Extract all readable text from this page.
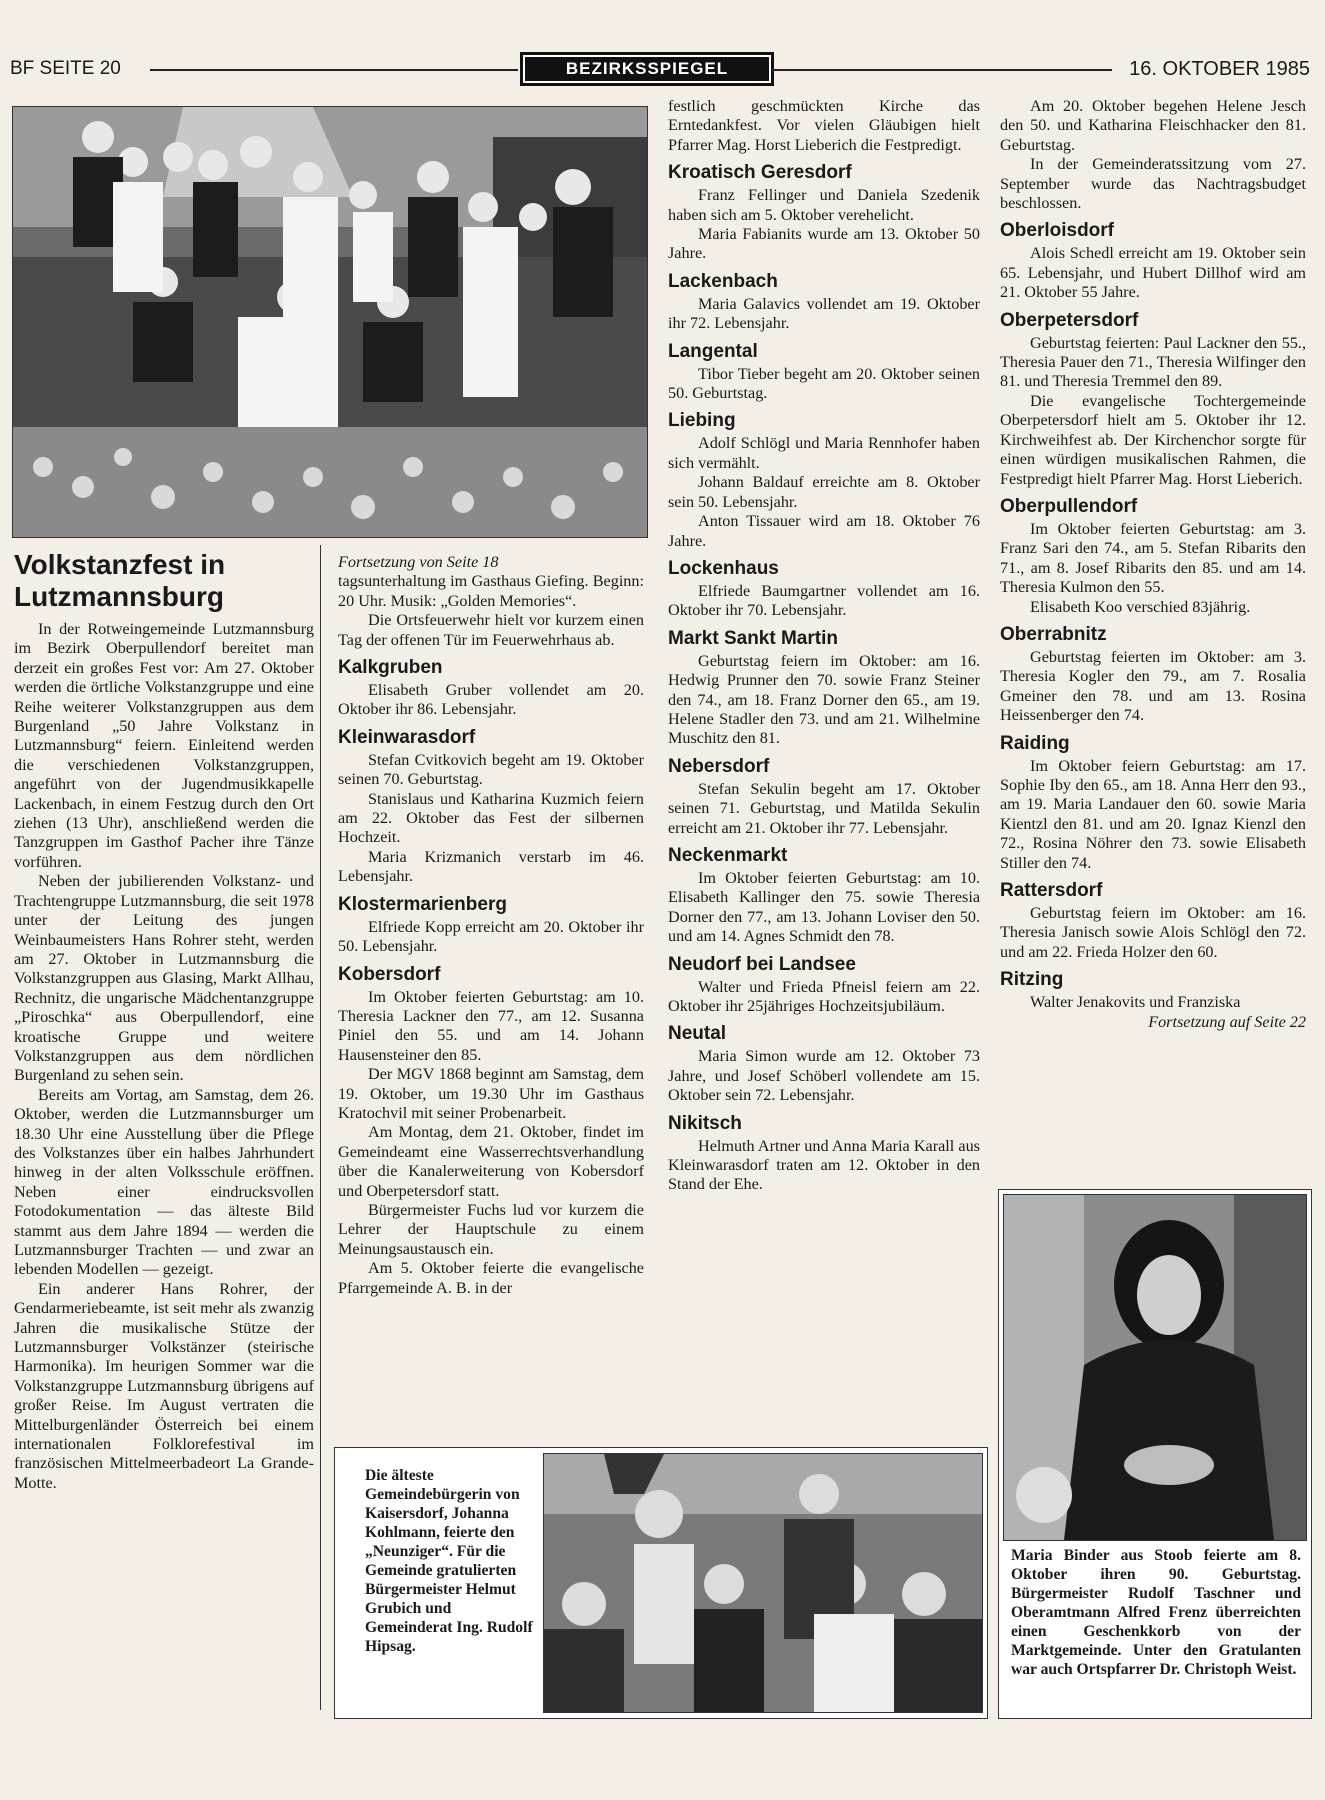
BF SEITE 20	BEZIRKSSPIEGEL	16. OKTOBER 1985
Volkstanzfest in Lutzmannsburg

In der Rotweingemeinde Lutzmannsburg im Bezirk Oberpullendorf bereitet man derzeit ein großes Fest vor: Am 27. Oktober werden die örtliche Volkstanzgruppe und eine Reihe weiterer Volkstanzgruppen aus dem Burgenland „50 Jahre Volkstanz in Lutzmannsburg“ feiern. Einleitend werden die verschiedenen Volkstanzgruppen, angeführt von der Jugendmusikkapelle Lackenbach, in einem Festzug durch den Ort ziehen (13 Uhr), anschließend werden die Tanzgruppen im Gasthof Pacher ihre Tänze vorführen.

Neben der jubilierenden Volkstanz- und Trachtengruppe Lutzmannsburg, die seit 1978 unter der Leitung des jungen Weinbaumeisters Hans Rohrer steht, werden am 27. Oktober in Lutzmannsburg die Volkstanzgruppen aus Glasing, Markt Allhau, Rechnitz, die ungarische Mädchentanzgruppe „Piroschka“ aus Oberpullendorf, eine kroatische Gruppe und weitere Volkstanzgruppen aus dem nördlichen Burgenland zu sehen sein.

Bereits am Vortag, am Samstag, dem 26. Oktober, werden die Lutzmannsburger um 18.30 Uhr eine Ausstellung über die Pflege des Volkstanzes über ein halbes Jahrhundert hinweg in der alten Volksschule eröffnen. Neben einer eindrucksvollen Fotodokumentation — das älteste Bild stammt aus dem Jahre 1894 — werden die Lutzmannsburger Trachten — und zwar an lebenden Modellen — gezeigt.

Ein anderer Hans Rohrer, der Gendarmeriebeamte, ist seit mehr als zwanzig Jahren die musikalische Stütze der Lutzmannsburger Volkstänzer (steirische Harmonika). Im heurigen Sommer war die Volkstanzgruppe Lutzmannsburg übrigens auf großer Reise. Im August vertraten die Mittelburgenländer Österreich bei einem internationalen Folklorefestival im französischen Mittelmeerbadeort La Grande-Motte.

Fortsetzung von Seite 18

tagsunterhaltung im Gasthaus Giefing. Beginn: 20 Uhr. Musik: „Golden Memories“.

Die Ortsfeuerwehr hielt vor kurzem einen Tag der offenen Tür im Feuerwehrhaus ab.

Kalkgruben

Elisabeth Gruber vollendet am 20. Oktober ihr 86. Lebensjahr.

Kleinwarasdorf

Stefan Cvitkovich begeht am 19. Oktober seinen 70. Geburtstag.

Stanislaus und Katharina Kuzmich feiern am 22. Oktober das Fest der silbernen Hochzeit.

Maria Krizmanich verstarb im 46. Lebensjahr.

Klostermarienberg

Elfriede Kopp erreicht am 20. Oktober ihr 50. Lebensjahr.

Kobersdorf

Im Oktober feierten Geburtstag: am 10. Theresia Lackner den 77., am 12. Susanna Piniel den 55. und am 14. Johann Hausensteiner den 85.

Der MGV 1868 beginnt am Samstag, dem 19. Oktober, um 19.30 Uhr im Gasthaus Kratochvil mit seiner Probenarbeit.

Am Montag, dem 21. Oktober, findet im Gemeindeamt eine Wasserrechtsverhandlung über die Kanalerweiterung von Kobersdorf und Oberpetersdorf statt.

Bürgermeister Fuchs lud vor kurzem die Lehrer der Hauptschule zu einem Meinungsaustausch ein.

Am 5. Oktober feierte die evangelische Pfarrgemeinde A. B. in der

festlich geschmückten Kirche das Erntedankfest. Vor vielen Gläubigen hielt Pfarrer Mag. Horst Lieberich die Festpredigt.

Kroatisch Geresdorf

Franz Fellinger und Daniela Szedenik haben sich am 5. Oktober verehelicht.

Maria Fabianits wurde am 13. Oktober 50 Jahre.

Lackenbach

Maria Galavics vollendet am 19. Oktober ihr 72. Lebensjahr.

Langental

Tibor Tieber begeht am 20. Oktober seinen 50. Geburtstag.

Liebing

Adolf Schlögl und Maria Rennhofer haben sich vermählt.

Johann Baldauf erreichte am 8. Oktober sein 50. Lebensjahr.

Anton Tissauer wird am 18. Oktober 76 Jahre.

Lockenhaus

Elfriede Baumgartner vollendet am 16. Oktober ihr 70. Lebensjahr.

Markt Sankt Martin

Geburtstag feiern im Oktober: am 16. Hedwig Prunner den 70. sowie Franz Steiner den 74., am 18. Franz Dorner den 65., am 19. Helene Stadler den 73. und am 21. Wilhelmine Muschitz den 81.

Nebersdorf

Stefan Sekulin begeht am 17. Oktober seinen 71. Geburtstag, und Matilda Sekulin erreicht am 21. Oktober ihr 77. Lebensjahr.

Neckenmarkt

Im Oktober feierten Geburtstag: am 10. Elisabeth Kallinger den 75. sowie Theresia Dorner den 77., am 13. Johann Loviser den 50. und am 14. Agnes Schmidt den 78.

Neudorf bei Landsee

Walter und Frieda Pfneisl feiern am 22. Oktober ihr 25jähriges Hochzeitsjubiläum.

Neutal

Maria Simon wurde am 12. Oktober 73 Jahre, und Josef Schöberl vollendete am 15. Oktober sein 72. Lebensjahr.

Nikitsch

Helmuth Artner und Anna Maria Karall aus Kleinwarasdorf traten am 12. Oktober in den Stand der Ehe.

Am 20. Oktober begehen Helene Jesch den 50. und Katharina Fleischhacker den 81. Geburtstag.

In der Gemeinderatssitzung vom 27. September wurde das Nachtragsbudget beschlossen.

Oberloisdorf

Alois Schedl erreicht am 19. Oktober sein 65. Lebensjahr, und Hubert Dillhof wird am 21. Oktober 55 Jahre.

Oberpetersdorf

Geburtstag feierten: Paul Lackner den 55., Theresia Pauer den 71., Theresia Wilfinger den 81. und Theresia Tremmel den 89.

Die evangelische Tochtergemeinde Oberpetersdorf hielt am 5. Oktober ihr 12. Kirchweihfest ab. Der Kirchenchor sorgte für einen würdigen musikalischen Rahmen, die Festpredigt hielt Pfarrer Mag. Horst Lieberich.

Oberpullendorf

Im Oktober feierten Geburtstag: am 3. Franz Sari den 74., am 5. Stefan Ribarits den 71., am 8. Josef Ribarits den 85. und am 14. Theresia Kulmon den 55.

Elisabeth Koo verschied 83jährig.

Oberrabnitz

Geburtstag feierten im Oktober: am 3. Theresia Kogler den 79., am 7. Rosalia Gmeiner den 78. und am 13. Rosina Heissenberger den 74.

Raiding

Im Oktober feiern Geburtstag: am 17. Sophie Iby den 65., am 18. Anna Herr den 93., am 19. Maria Landauer den 60. sowie Maria Kientzl den 81. und am 20. Ignaz Kienzl den 72., Rosina Nöhrer den 73. sowie Elisabeth Stiller den 74.

Rattersdorf

Geburtstag feiern im Oktober: am 16. Theresia Janisch sowie Alois Schlögl den 72. und am 22. Frieda Holzer den 60.

Ritzing

Walter Jenakovits und Franziska

Fortsetzung auf Seite 22

Die älteste Gemeindebürgerin von Kaisersdorf, Johanna Kohlmann, feierte den „Neunziger“. Für die Gemeinde gratulierten Bürgermeister Helmut Grubich und Gemeinderat Ing. Rudolf Hipsag.
Maria Binder aus Stoob feierte am 8. Oktober ihren 90. Geburtstag. Bürgermeister Rudolf Taschner und Oberamtmann Alfred Frenz überreichten einen Geschenkkorb von der Marktgemeinde. Unter den Gratulanten war auch Ortspfarrer Dr. Christoph Weist.
